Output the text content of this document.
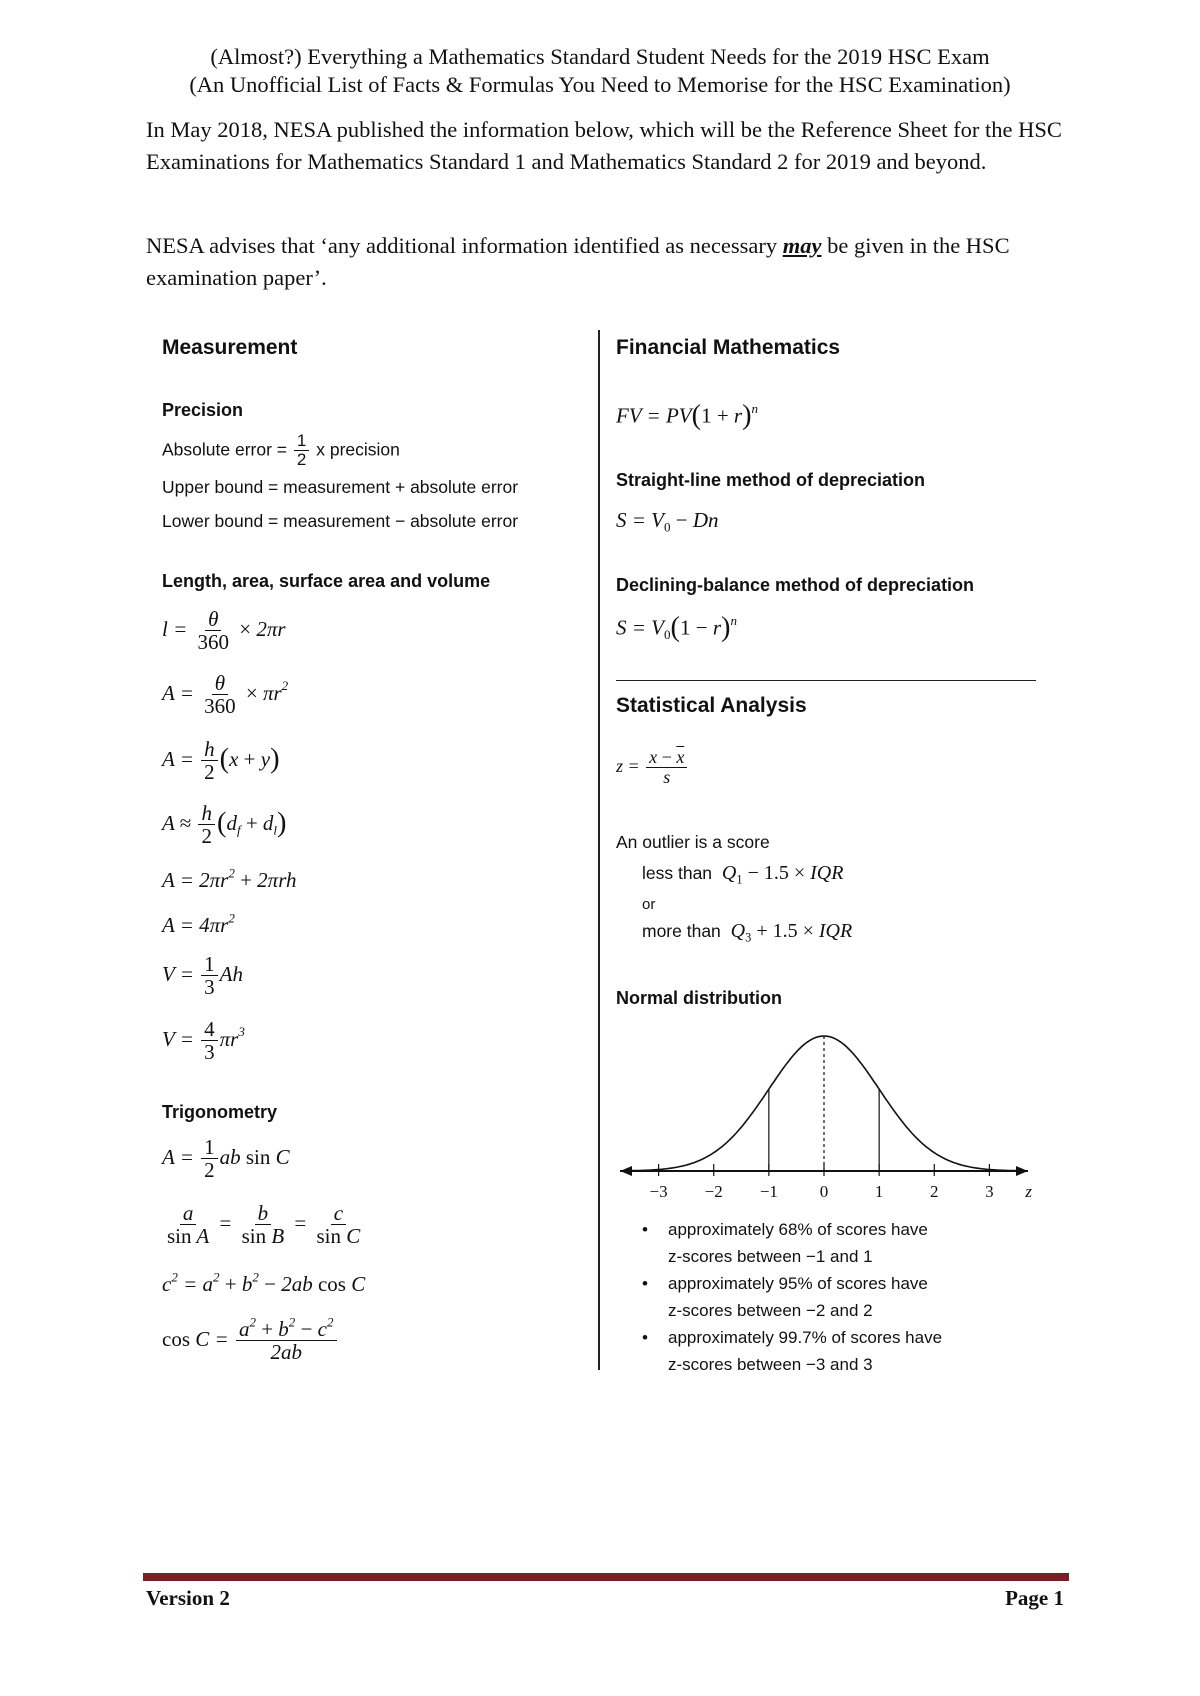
(Almost?) Everything a Mathematics Standard Student Needs for the 2019 HSC Exam
(An Unofficial List of Facts & Formulas You Need to Memorise for the HSC Examination)
In May 2018, NESA published the information below, which will be the Reference Sheet for the HSC Examinations for Mathematics Standard 1 and Mathematics Standard 2 for 2019 and beyond.
NESA advises that ‘any additional information identified as necessary may be given in the HSC examination paper’.
Measurement
Precision
Absolute error = $\frac{1}{2}$ x precision
Upper bound = measurement + absolute error
Lower bound = measurement − absolute error
Length, area, surface area and volume
$l = \frac{\theta}{360} \times 2\pi r$
$A = \frac{\theta}{360} \times \pi r^2$
$A = \frac{h}{2} (x + y)$
$A \approx \frac{h}{2} (d_f + d_l)$
$A = 2\pi r^2 + 2\pi rh$
$A = 4\pi r^2$
$V = \frac{1}{3}$ Ah
$V = \frac{4}{3} \pi r^3$
Trigonometry
$A = \frac{1}{2}$ ab sin C
$\frac{a}{\text{sin A}} = \frac{b}{\text{sin B}} = \frac{c}{\text{sin C}}$
$c^2 = a^2 + b^2 - 2ab$ cos C
$\cos C = \frac{a^2 + b^2 - c^2}{2ab}$
Financial Mathematics
FV = $PV(1 + r)^n$
Straight-line method of depreciation
$S = V_0 - Dn$
Declining-balance method of depreciation
$S = V_0(1 - r)^n$
Statistical Analysis
$z = \frac{x - \overline{x}}{s}$
An outlier is a score
less than  $Q_1 - 1.5$ × IQR
or
more than  $Q_3 + 1.5$ × IQR
Normal distribution
−3 −2 −1 0	1	2	3 z
• approximately 68% of scores have
z-scores between −1 and 1
• approximately 95% of scores have
z-scores between −2 and 2
• approximately 99.7% of scores have
z-scores between −3 and 3
Version 2	Page 1
